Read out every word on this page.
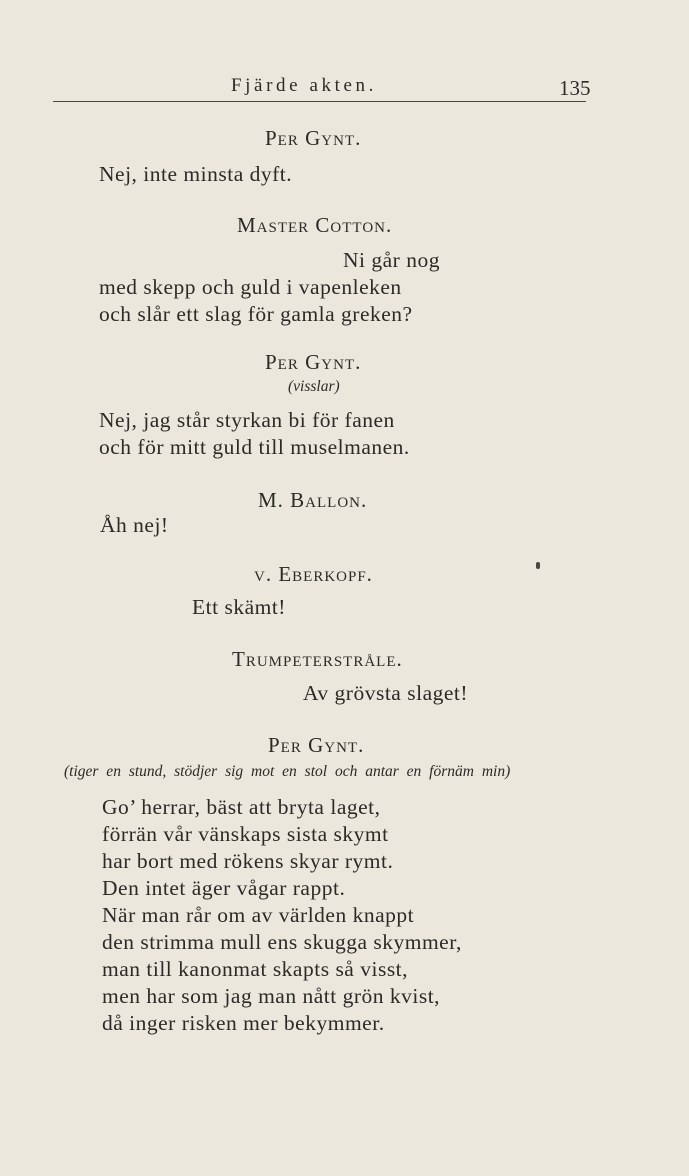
Fjärde akten.	135
Per Gynt.
Nej, inte minsta dyft.
Master Cotton.
Ni går nog
med skepp och guld i vapenleken
och slår ett slag för gamla greken?
Per Gynt.
(visslar)
Nej, jag står styrkan bi för fanen
och för mitt guld till muselmanen.
M. Ballon.
Åh nej!
v. Eberkopf.
Ett skämt!
Trumpeterstråle.
Av grövsta slaget!
Per Gynt.
(tiger en stund, stödjer sig mot en stol och antar en förnäm min)
Go’ herrar, bäst att bryta laget,
förrän vår vänskaps sista skymt
har bort med rökens skyar rymt.
Den intet äger vågar rappt.
När man rår om av världen knappt
den strimma mull ens skugga skymmer,
man till kanonmat skapts så visst,
men har som jag man nått grön kvist,
då inger risken mer bekymmer.
